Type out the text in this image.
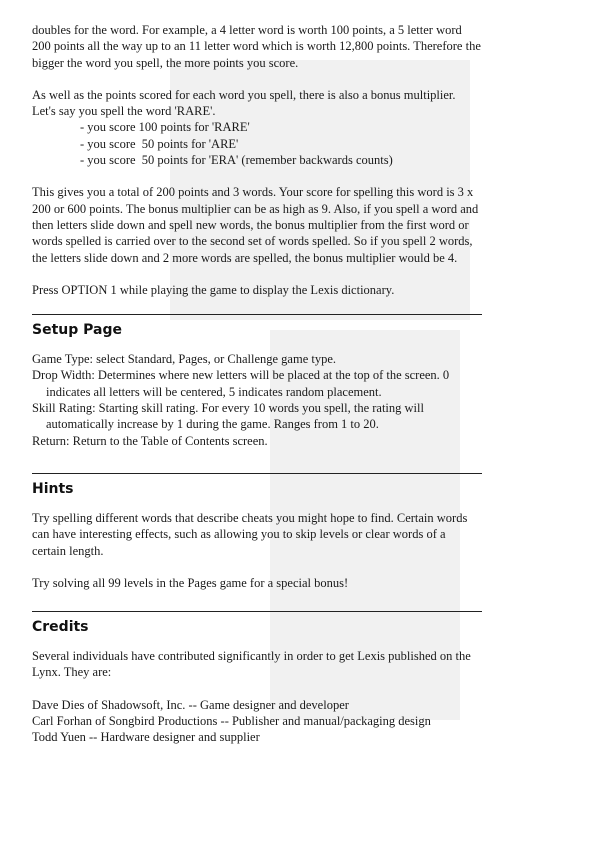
doubles for the word. For example, a 4 letter word is worth 100 points, a 5 letter word 200 points all the way up to an 11 letter word which is worth 12,800 points. Therefore the bigger the word you spell, the more points you score.

As well as the points scored for each word you spell, there is also a bonus multiplier. Let's say you spell the word 'RARE'.

- you score 100 points for 'RARE'

- you score  50 points for 'ARE'

- you score  50 points for 'ERA' (remember backwards counts)

This gives you a total of 200 points and 3 words. Your score for spelling this word is 3 x 200 or 600 points. The bonus multiplier can be as high as 9. Also, if you spell a word and then letters slide down and spell new words, the bonus multiplier from the first word or words spelled is carried over to the second set of words spelled. So if you spell 2 words, the letters slide down and 2 more words are spelled, the bonus multiplier would be 4.

Press OPTION 1 while playing the game to display the Lexis dictionary.

Setup Page

Game Type: select Standard, Pages, or Challenge game type.

Drop Width: Determines where new letters will be placed at the top of the screen. 0 indicates all letters will be centered, 5 indicates random placement.

Skill Rating: Starting skill rating. For every 10 words you spell, the rating will automatically increase by 1 during the game. Ranges from 1 to 20.

Return: Return to the Table of Contents screen.

Hints

Try spelling different words that describe cheats you might hope to find. Certain words can have interesting effects, such as allowing you to skip levels or clear words of a certain length.

Try solving all 99 levels in the Pages game for a special bonus!

Credits

Several individuals have contributed significantly in order to get Lexis published on the Lynx. They are:

Dave Dies of Shadowsoft, Inc. -- Game designer and developer

Carl Forhan of Songbird Productions -- Publisher and manual/packaging design

Todd Yuen -- Hardware designer and supplier
